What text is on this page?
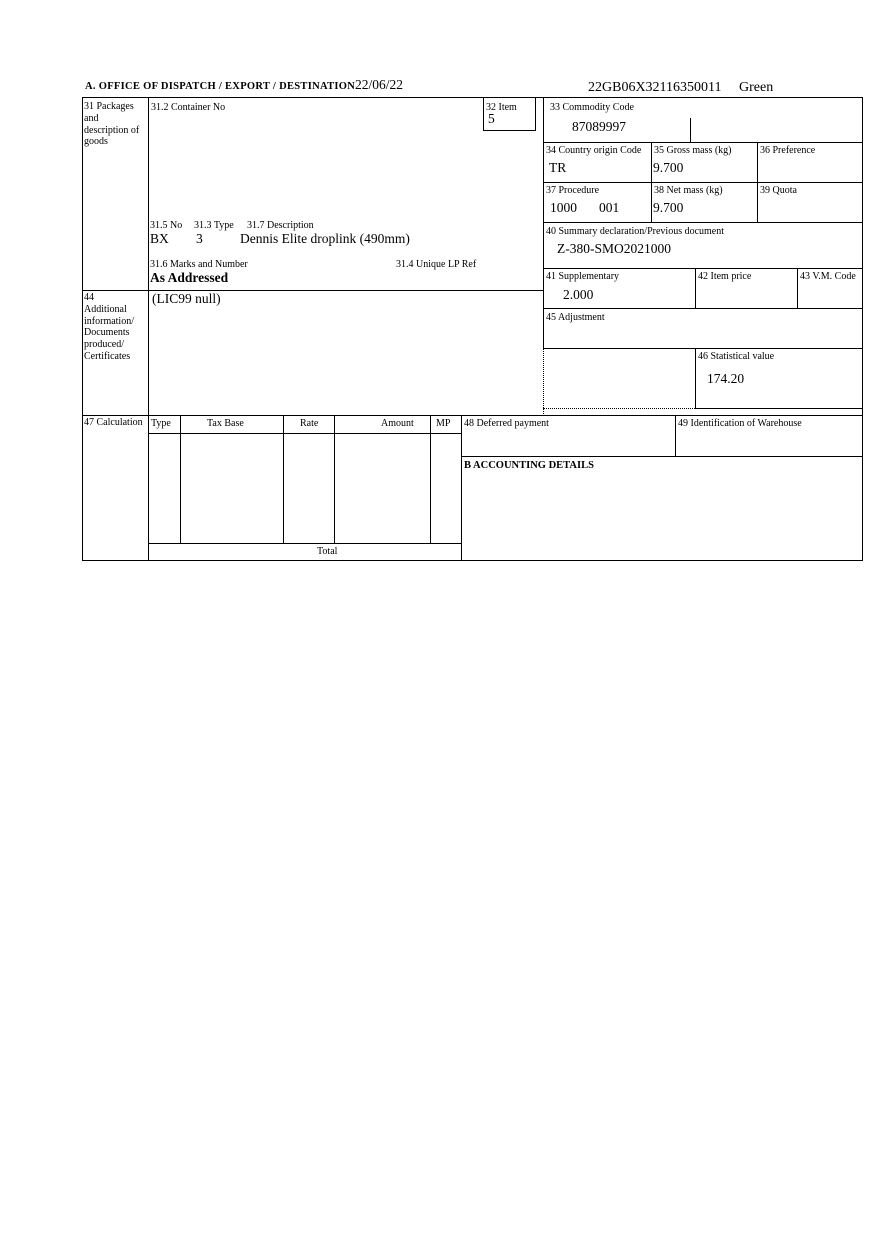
A. OFFICE OF DISPATCH / EXPORT / DESTINATION 22/06/22	22GB06X32116350011 Green
31 Packages and description of goods
44 Additional information/ Documents produced/ Certificates
47 Calculation
31.2 Container No	32 Item
5
31.5 No 31.3 Type 31.7 Description
BX 3	Dennis Elite droplink (490mm)
31.6 Marks and Number	31.4 Unique LP Ref
As Addressed
(LIC99 null)
33 Commodity Code
87089997
34 Country origin Code
TR
35 Gross mass (kg)
9.700
36 Preference
37 Procedure
1000 001
38 Net mass (kg)
9.700
39 Quota
40 Summary declaration/Previous document
Z-380-SMO2021000
41 Supplementary
2.000
42 Item price	43 V.M. Code
45 Adjustment
46 Statistical value
174.20
Type	Tax Base	Rate	Amount MP
Total
48 Deferred payment	49 Identification of Warehouse
B ACCOUNTING DETAILS
